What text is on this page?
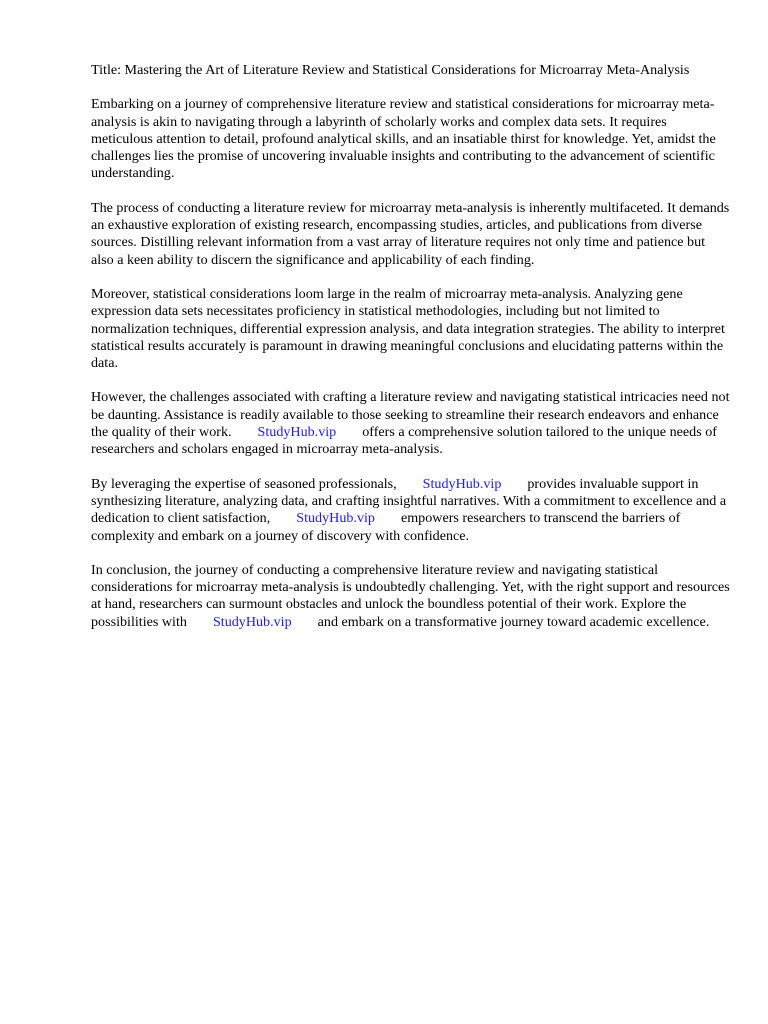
Title: Mastering the Art of Literature Review and Statistical Considerations for Microarray Meta-Analysis

Embarking on a journey of comprehensive literature review and statistical considerations for microarray meta-analysis is akin to navigating through a labyrinth of scholarly works and complex data sets. It requires meticulous attention to detail, profound analytical skills, and an insatiable thirst for knowledge. Yet, amidst the challenges lies the promise of uncovering invaluable insights and contributing to the advancement of scientific understanding.

The process of conducting a literature review for microarray meta-analysis is inherently multifaceted. It demands an exhaustive exploration of existing research, encompassing studies, articles, and publications from diverse sources. Distilling relevant information from a vast array of literature requires not only time and patience but also a keen ability to discern the significance and applicability of each finding.

Moreover, statistical considerations loom large in the realm of microarray meta-analysis. Analyzing gene expression data sets necessitates proficiency in statistical methodologies, including but not limited to normalization techniques, differential expression analysis, and data integration strategies. The ability to interpret statistical results accurately is paramount in drawing meaningful conclusions and elucidating patterns within the data.

However, the challenges associated with crafting a literature review and navigating statistical intricacies need not be daunting. Assistance is readily available to those seeking to streamline their research endeavors and enhance the quality of their work. StudyHub.vip offers a comprehensive solution tailored to the unique needs of researchers and scholars engaged in microarray meta-analysis.

By leveraging the expertise of seasoned professionals, StudyHub.vip provides invaluable support in synthesizing literature, analyzing data, and crafting insightful narratives. With a commitment to excellence and a dedication to client satisfaction, StudyHub.vip empowers researchers to transcend the barriers of complexity and embark on a journey of discovery with confidence.

In conclusion, the journey of conducting a comprehensive literature review and navigating statistical considerations for microarray meta-analysis is undoubtedly challenging. Yet, with the right support and resources at hand, researchers can surmount obstacles and unlock the boundless potential of their work. Explore the possibilities with StudyHub.vip and embark on a transformative journey toward academic excellence.
